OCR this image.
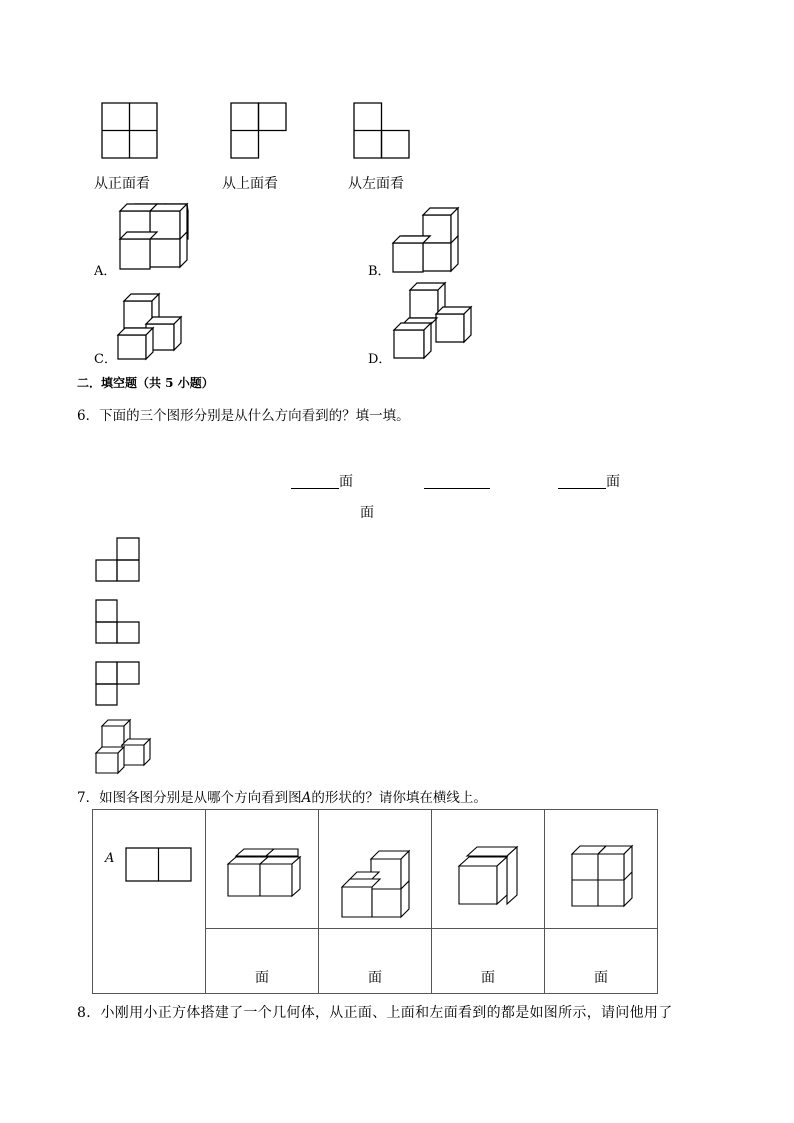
从正面看	从上面看	从左面看
A．	B．
C．	D．
二．填空题（共 5 小题）
6．下面的三个图形分别是从什么方向看到的？填一填。
面	面
面
7．如图各图分别是从哪个方向看到图A的形状的？请你填在横线上。
A

	面	面	面	面
8．小刚用小正方体搭建了一个几何体，从正面、上面和左面看到的都是如图所示，请问他用了
